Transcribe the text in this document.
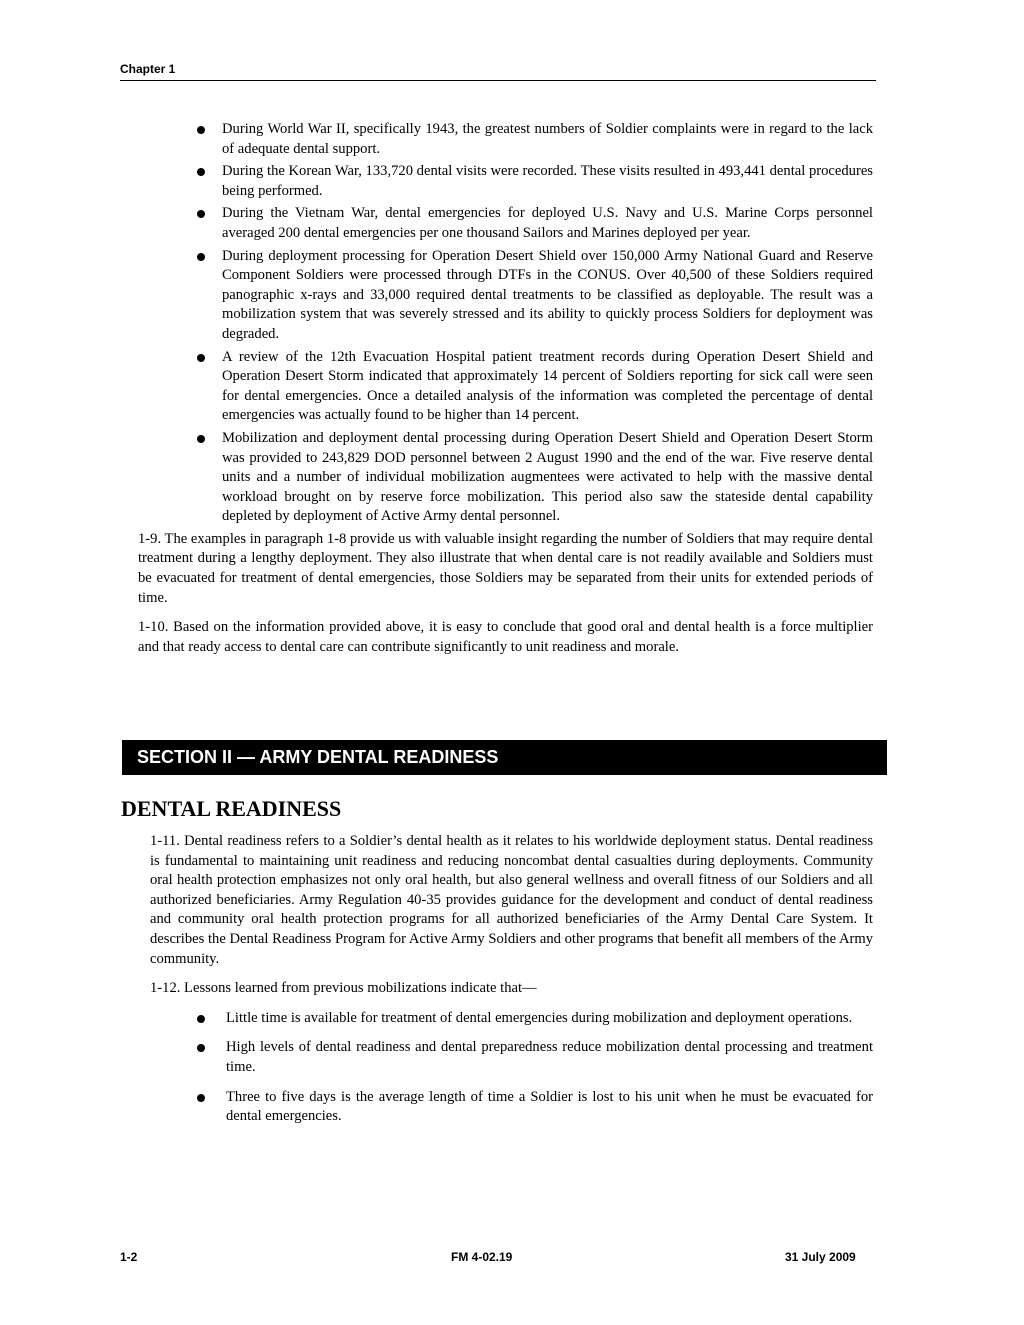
Chapter 1
During World War II, specifically 1943, the greatest numbers of Soldier complaints were in regard to the lack of adequate dental support.
During the Korean War, 133,720 dental visits were recorded. These visits resulted in 493,441 dental procedures being performed.
During the Vietnam War, dental emergencies for deployed U.S. Navy and U.S. Marine Corps personnel averaged 200 dental emergencies per one thousand Sailors and Marines deployed per year.
During deployment processing for Operation Desert Shield over 150,000 Army National Guard and Reserve Component Soldiers were processed through DTFs in the CONUS. Over 40,500 of these Soldiers required panographic x-rays and 33,000 required dental treatments to be classified as deployable. The result was a mobilization system that was severely stressed and its ability to quickly process Soldiers for deployment was degraded.
A review of the 12th Evacuation Hospital patient treatment records during Operation Desert Shield and Operation Desert Storm indicated that approximately 14 percent of Soldiers reporting for sick call were seen for dental emergencies. Once a detailed analysis of the information was completed the percentage of dental emergencies was actually found to be higher than 14 percent.
Mobilization and deployment dental processing during Operation Desert Shield and Operation Desert Storm was provided to 243,829 DOD personnel between 2 August 1990 and the end of the war. Five reserve dental units and a number of individual mobilization augmentees were activated to help with the massive dental workload brought on by reserve force mobilization. This period also saw the stateside dental capability depleted by deployment of Active Army dental personnel.

1-9. The examples in paragraph 1-8 provide us with valuable insight regarding the number of Soldiers that may require dental treatment during a lengthy deployment. They also illustrate that when dental care is not readily available and Soldiers must be evacuated for treatment of dental emergencies, those Soldiers may be separated from their units for extended periods of time.

1-10. Based on the information provided above, it is easy to conclude that good oral and dental health is a force multiplier and that ready access to dental care can contribute significantly to unit readiness and morale.

SECTION II — ARMY DENTAL READINESS
DENTAL READINESS

1-11. Dental readiness refers to a Soldier’s dental health as it relates to his worldwide deployment status. Dental readiness is fundamental to maintaining unit readiness and reducing noncombat dental casualties during deployments. Community oral health protection emphasizes not only oral health, but also general wellness and overall fitness of our Soldiers and all authorized beneficiaries. Army Regulation 40-35 provides guidance for the development and conduct of dental readiness and community oral health protection programs for all authorized beneficiaries of the Army Dental Care System. It describes the Dental Readiness Program for Active Army Soldiers and other programs that benefit all members of the Army community.

1-12. Lessons learned from previous mobilizations indicate that—

Little time is available for treatment of dental emergencies during mobilization and deployment operations.
High levels of dental readiness and dental preparedness reduce mobilization dental processing and treatment time.
Three to five days is the average length of time a Soldier is lost to his unit when he must be evacuated for dental emergencies.
1-2	FM 4-02.19	31 July 2009
